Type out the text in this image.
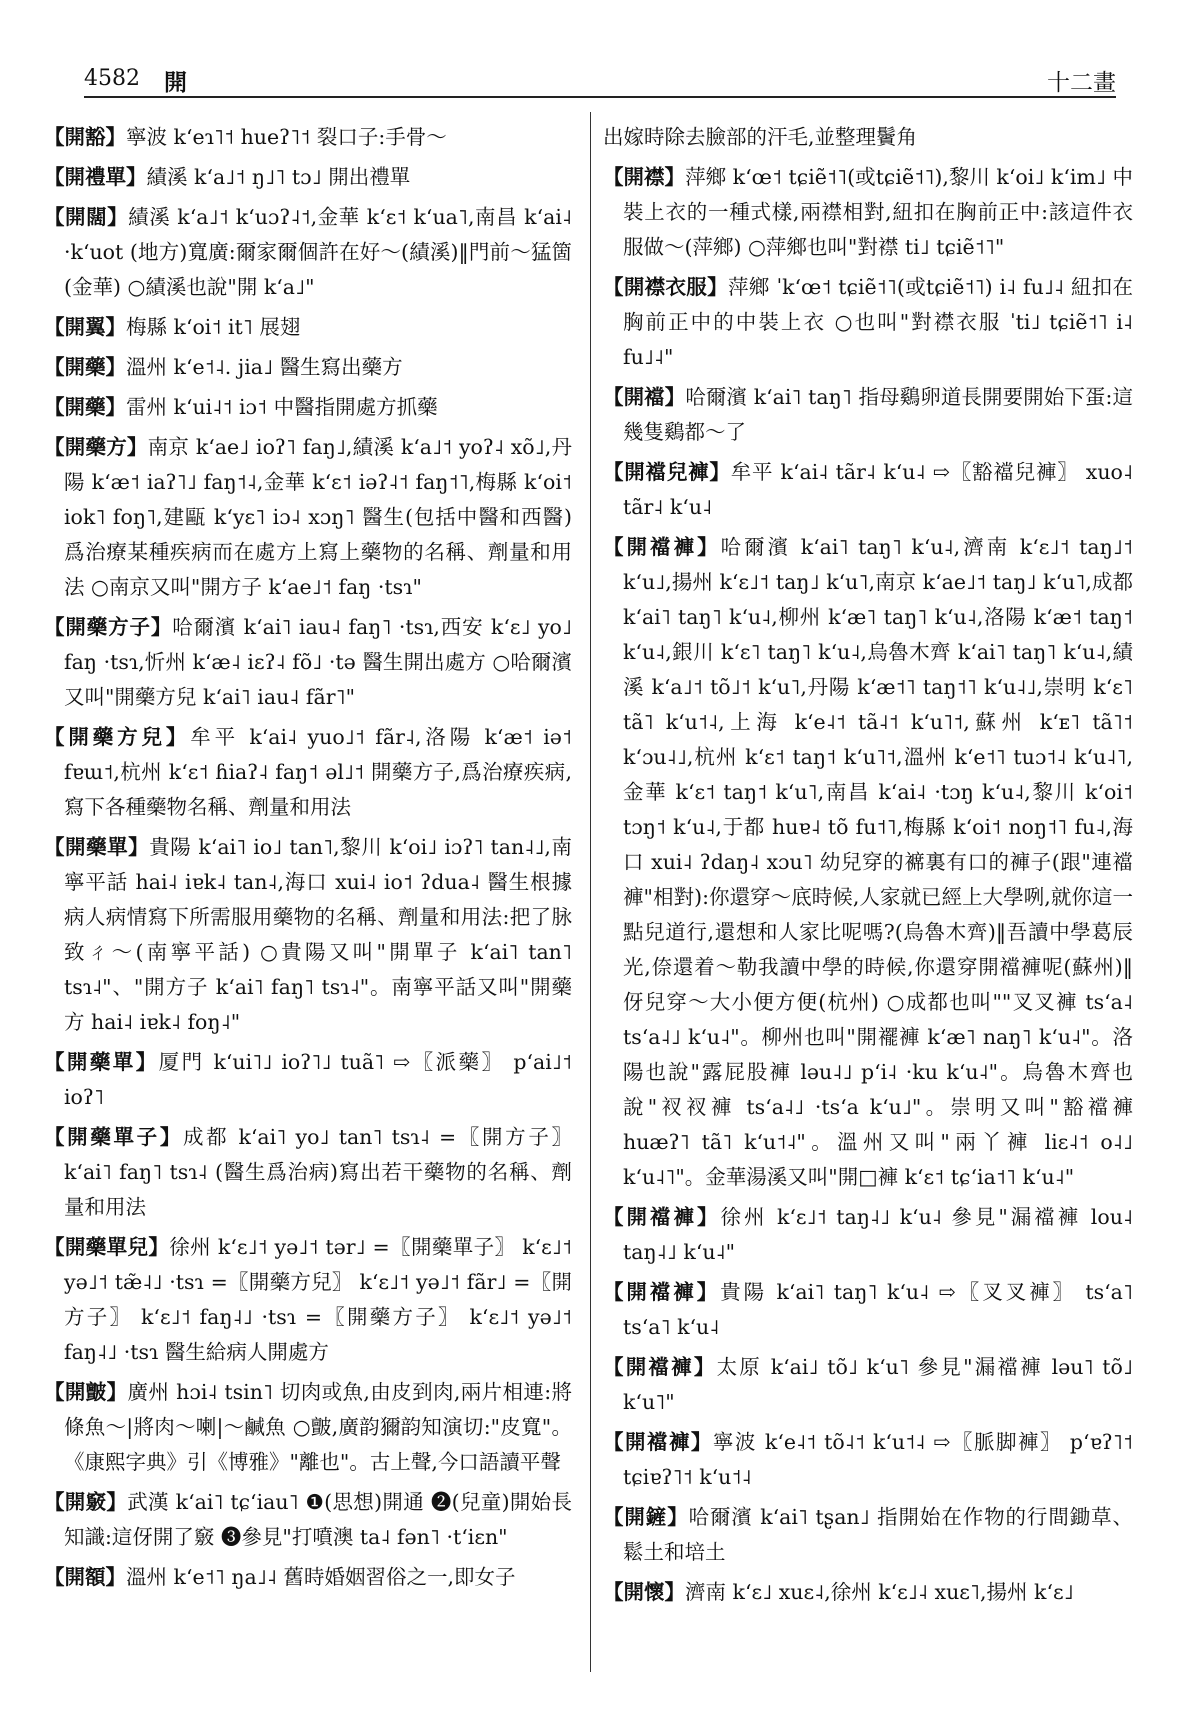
4582 開	十二畫
【開豁】寧波 kʻeɿ˥˦ hueʔ˥˦ 裂口子:手骨～
【開禮單】績溪 kʻa˩˦ ŋ˩˥ tɔ˩ 開出禮單
【開闊】績溪 kʻa˩˦ kʻuɔʔ˨˦,金華 kʻɛ˦ kʻua˥,南昌 kʻai˨ ·kʻuot (地方)寬廣:爾家爾個許在好～(績溪)‖門前～猛箇(金華) ○績溪也說"開 kʻa˩"
【開翼】梅縣 kʻoi˦ it˥ 展翅
【開藥】溫州 kʻe˦˨. jia˩ 醫生寫出藥方
【開藥】雷州 kʻui˨˦ iɔ˦ 中醫指開處方抓藥
【開藥方】南京 kʻae˩ ioʔ˥ faŋ˩,績溪 kʻa˩˦ yoʔ˨ xõ˩,丹陽 kʻæ˦ iaʔ˥˩ faŋ˦˨,金華 kʻɛ˦ iəʔ˨˦ faŋ˦˥,梅縣 kʻoi˦ iok˥ foŋ˥,建甌 kʻyɛ˥ iɔ˨ xɔŋ˥ 醫生(包括中醫和西醫)爲治療某種疾病而在處方上寫上藥物的名稱、劑量和用法 ○南京又叫"開方子 kʻae˩˦ faŋ ·tsɿ"
【開藥方子】哈爾濱 kʻai˥ iau˨ faŋ˥ ·tsɿ,西安 kʻɛ˩ yo˩ faŋ ·tsɿ,忻州 kʻæ˨ iɛʔ˨ fõ˩ ·tə 醫生開出處方 ○哈爾濱又叫"開藥方兒 kʻai˥ iau˨ fãr˥"
【開藥方兒】牟平 kʻai˨ yuo˩˦ fãr˨,洛陽 kʻæ˦ iə˦ fɐɯ˦,杭州 kʻɛ˦ ɦiaʔ˨ faŋ˦ əl˩˦ 開藥方子,爲治療疾病,寫下各種藥物名稱、劑量和用法
【開藥單】貴陽 kʻai˥ io˩ tan˥,黎川 kʻoi˩ iɔʔ˥ tan˨˩,南寧平話 hai˨ iɐk˨ tan˨,海口 xui˨ io˦ ʔdua˨ 醫生根據病人病情寫下所需服用藥物的名稱、劑量和用法:把了脉致ㄔ～(南寧平話) ○貴陽又叫"開單子 kʻai˥ tan˥ tsɿ˨"、"開方子 kʻai˥ faŋ˥ tsɿ˨"。南寧平話又叫"開藥方 hai˨ iɐk˨ foŋ˨"
【開藥單】厦門 kʻui˥˩ ioʔ˥˩ tuã˥ ⇨〖派藥〗 pʻai˩˦ ioʔ˥
【開藥單子】成都 kʻai˥ yo˩ tan˥ tsɿ˨ =〖開方子〗 kʻai˥ faŋ˥ tsɿ˨ (醫生爲治病)寫出若干藥物的名稱、劑量和用法
【開藥單兒】徐州 kʻɛ˩˦ yə˩˦ tər˩ =〖開藥單子〗 kʻɛ˩˦ yə˩˦ tæ̃˨˩ ·tsɿ =〖開藥方兒〗 kʻɛ˩˦ yə˩˦ fãr˩ =〖開方子〗 kʻɛ˩˦ faŋ˨˩ ·tsɿ =〖開藥方子〗 kʻɛ˩˦ yə˩˦ faŋ˨˩ ·tsɿ 醫生給病人開處方
【開皽】廣州 hɔi˨ tsin˥ 切肉或魚,由皮到肉,兩片相連:將條魚～|將肉～喇|～鹹魚 ○皽,廣韵獮韵知演切:"皮寬"。《康熙字典》引《博雅》"離也"。古上聲,今口語讀平聲
【開竅】武漢 kʻai˥ tɕʻiau˥ ❶(思想)開通 ❷(兒童)開始長知識:這伢開了竅 ❸參見"打噴澳 ta˨ fən˥ ·tʻiɛn"
【開額】溫州 kʻe˦˥ ŋa˩˨ 舊時婚姻習俗之一,即女子
出嫁時除去臉部的汗毛,並整理鬢角
【開襟】萍鄉 kʻœ˦ tɕiẽ˦˥(或tɕiẽ˦˥),黎川 kʻoi˩ kʻim˩ 中裝上衣的一種式樣,兩襟相對,紐扣在胸前正中:該這件衣服做～(萍鄉) ○萍鄉也叫"對襟 ti˩ tɕiẽ˦˥"
【開襟衣服】萍鄉 ˈkʻœ˦ tɕiẽ˦˥(或tɕiẽ˦˥) i˨ fu˩˨ 紐扣在胸前正中的中裝上衣 ○也叫"對襟衣服 ˈti˩ tɕiẽ˦˥ i˨ fu˩˨"
【開襠】哈爾濱 kʻai˥ taŋ˥ 指母鷄卵道長開要開始下蛋:這幾隻鷄都～了
【開襠兒褲】牟平 kʻai˨ tãr˨ kʻu˨ ⇨〖豁襠兒褲〗 xuo˨ tãr˨ kʻu˨
【開襠褲】哈爾濱 kʻai˥ taŋ˥ kʻu˨,濟南 kʻɛ˩˦ taŋ˩˦ kʻu˩,揚州 kʻɛ˩˦ taŋ˩ kʻu˥,南京 kʻae˩˦ taŋ˩ kʻu˥,成都 kʻai˥ taŋ˥ kʻu˨,柳州 kʻæ˥ taŋ˥ kʻu˨,洛陽 kʻæ˦ taŋ˦ kʻu˨,銀川 kʻɛ˥ taŋ˥ kʻu˨,烏魯木齊 kʻai˥ taŋ˥ kʻu˨,績溪 kʻa˩˦ tõ˩˦ kʻu˥,丹陽 kʻæ˦˥ taŋ˦˥ kʻu˨˩,崇明 kʻɛ˥ tã˥ kʻu˦˨,上海 kʻe˨˦ tã˨˦ kʻu˥˦,蘇州 kʻᴇ˥ tã˥˦ kʻɔu˨˩,杭州 kʻɛ˦ taŋ˦ kʻu˥˦,溫州 kʻe˦˥ tuɔ˦˨ kʻu˨˥,金華 kʻɛ˦ taŋ˦ kʻu˥,南昌 kʻai˨ ·tɔŋ kʻu˨,黎川 kʻoi˦ tɔŋ˦ kʻu˨,于都 huɐ˨ tõ fu˦˥,梅縣 kʻoi˦ noŋ˦˥ fu˨,海口 xui˨ ʔdaŋ˨ xɔu˥ 幼兒穿的褯裏有口的褲子(跟"連襠褲"相對):你還穿～底時候,人家就已經上大學咧,就你這一點兒道行,還想和人家比呢嗎?(烏魯木齊)‖吾讀中學葛辰光,倷還着～勒我讀中學的時候,你還穿開襠褲呢(蘇州)‖伢兒穿～大小便方便(杭州) ○成都也叫""叉叉褲 tsʻa˨ tsʻa˨˩ kʻu˨"。柳州也叫"開襬褲 kʻæ˥ naŋ˥ kʻu˨"。洛陽也說"露屁股褲 ləu˨˩ pʻi˨ ·ku kʻu˨"。烏魯木齊也說"衩衩褲 tsʻa˨˩ ·tsʻa kʻu˩"。崇明又叫"豁襠褲 huæʔ˥ tã˥ kʻu˦˨"。溫州又叫"兩丫褲 liɛ˨˦ o˨˩ kʻu˨˥"。金華湯溪又叫"開□褲 kʻɛ˦ tɕʻia˦˥ kʻu˨"
【開襠褲】徐州 kʻɛ˩˦ taŋ˨˩ kʻu˨ 參見"漏襠褲 lou˨ taŋ˨˩ kʻu˨"
【開襠褲】貴陽 kʻai˥ taŋ˥ kʻu˨ ⇨〖叉叉褲〗 tsʻa˥ tsʻa˥ kʻu˨
【開襠褲】太原 kʻai˩ tõ˩ kʻu˥ 參見"漏襠褲 ləu˥ tõ˩ kʻu˥"
【開襠褲】寧波 kʻe˨˦ tõ˨˦ kʻu˦˨ ⇨〖脈脚褲〗 pʻɐʔ˥˦ tɕiɐʔ˥˦ kʻu˦˨
【開鏟】哈爾濱 kʻai˥ tʂan˩ 指開始在作物的行間鋤草、鬆土和培土
【開懷】濟南 kʻɛ˩ xuɛ˨,徐州 kʻɛ˩˨ xuɛ˥,揚州 kʻɛ˩
